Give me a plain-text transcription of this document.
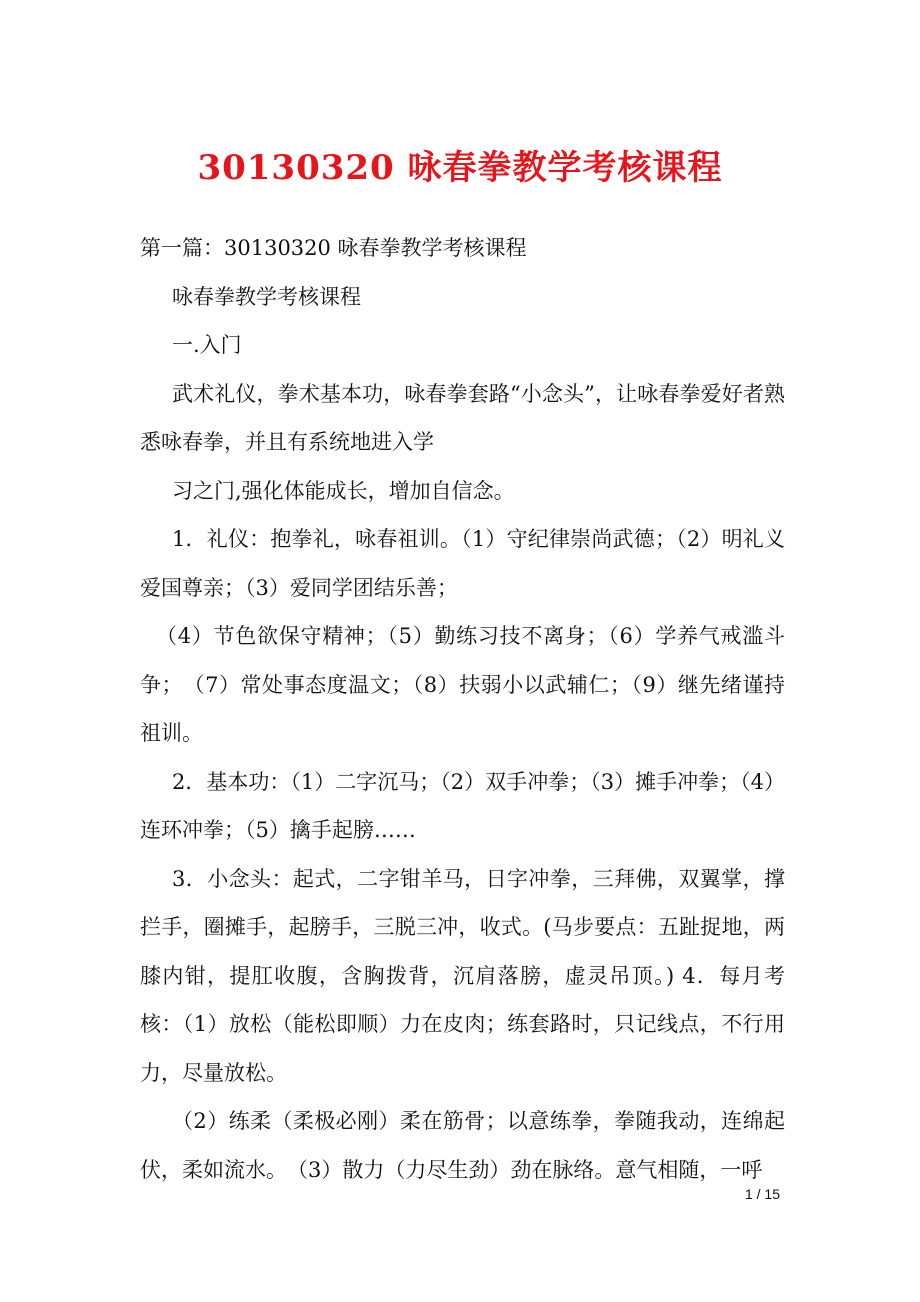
30130320 咏春拳教学考核课程

第一篇：30130320 咏春拳教学考核课程

咏春拳教学考核课程

一.入门

武术礼仪，拳术基本功，咏春拳套路“小念头”，让咏春拳爱好者熟悉咏春拳，并且有系统地进入学

习之门,强化体能成长，增加自信念。

1．礼仪：抱拳礼，咏春祖训。（1）守纪律崇尚武德；（2）明礼义爱国尊亲；（3）爱同学团结乐善；

（4）节色欲保守精神；（5）勤练习技不离身；（6）学养气戒滥斗争；　（7）常处事态度温文；（8）扶弱小以武辅仁；（9）继先绪谨持祖训。

2．基本功：（1）二字沉马；（2）双手冲拳；（3）摊手冲拳；（4）连环冲拳；（5）擒手起膀……

3．小念头：起式，二字钳羊马，日字冲拳，三拜佛，双翼掌，撑拦手，圈摊手，起膀手，三脱三冲，收式。(马步要点：五趾捉地，两膝内钳，提肛收腹，含胸拨背，沉肩落膀，虚灵吊顶。) 4．每月考核：（1）放松（能松即顺）力在皮肉；练套路时，只记线点，不行用力，尽量放松。

（2）练柔（柔极必刚）柔在筋骨；以意练拳，拳随我动，连绵起伏，柔如流水。　（3）散力（力尽生劲）劲在脉络。意气相随，一呼

1 / 15
